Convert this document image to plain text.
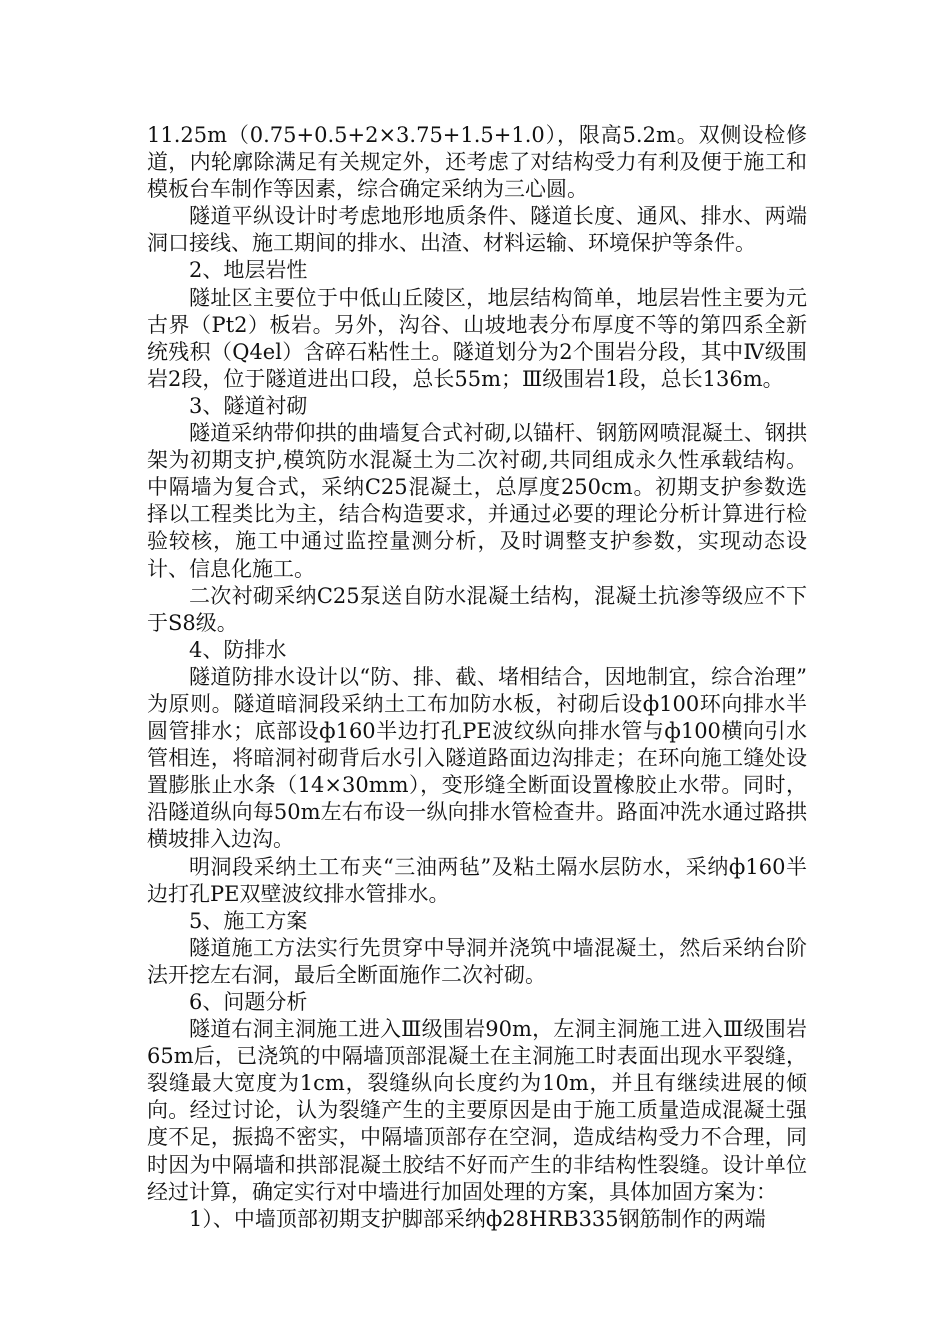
11.25m（0.75+0.5+2×3.75+1.5+1.0），限高5.2m。双侧设检修道，内轮廓除满足有关规定外，还考虑了对结构受力有利及便于施工和模板台车制作等因素，综合确定采纳为三心圆。

隧道平纵设计时考虑地形地质条件、隧道长度、通风、排水、两端洞口接线、施工期间的排水、出渣、材料运输、环境保护等条件。

2、地层岩性

隧址区主要位于中低山丘陵区，地层结构简单，地层岩性主要为元古界（Pt2）板岩。另外，沟谷、山坡地表分布厚度不等的第四系全新统残积（Q4el）含碎石粘性土。隧道划分为2个围岩分段，其中Ⅳ级围岩2段，位于隧道进出口段，总长55m；Ⅲ级围岩1段，总长136m。

3、隧道衬砌

隧道采纳带仰拱的曲墙复合式衬砌,以锚杆、钢筋网喷混凝土、钢拱架为初期支护,模筑防水混凝土为二次衬砌,共同组成永久性承载结构。中隔墙为复合式，采纳C25混凝土，总厚度250cm。初期支护参数选择以工程类比为主，结合构造要求，并通过必要的理论分析计算进行检验较核，施工中通过监控量测分析，及时调整支护参数，实现动态设计、信息化施工。

二次衬砌采纳C25泵送自防水混凝土结构，混凝土抗渗等级应不下于S8级。

4、防排水

隧道防排水设计以“防、排、截、堵相结合，因地制宜，综合治理” 为原则。隧道暗洞段采纳土工布加防水板，衬砌后设ф100环向排水半圆管排水；底部设ф160半边打孔PE波纹纵向排水管与ф100横向引水管相连，将暗洞衬砌背后水引入隧道路面边沟排走；在环向施工缝处设置膨胀止水条（14×30mm），变形缝全断面设置橡胶止水带。同时，沿隧道纵向每50m左右布设一纵向排水管检查井。路面冲洗水通过路拱横坡排入边沟。

明洞段采纳土工布夹“三油两毡”及粘土隔水层防水，采纳ф160半边打孔PE双壁波纹排水管排水。

5、施工方案

隧道施工方法实行先贯穿中导洞并浇筑中墙混凝土，然后采纳台阶法开挖左右洞，最后全断面施作二次衬砌。

6、问题分析

隧道右洞主洞施工进入Ⅲ级围岩90m，左洞主洞施工进入Ⅲ级围岩65m后，已浇筑的中隔墙顶部混凝土在主洞施工时表面出现水平裂缝，裂缝最大宽度为1cm，裂缝纵向长度约为10m，并且有继续进展的倾向。经过讨论，认为裂缝产生的主要原因是由于施工质量造成混凝土强度不足，振捣不密实，中隔墙顶部存在空洞，造成结构受力不合理，同时因为中隔墙和拱部混凝土胶结不好而产生的非结构性裂缝。设计单位经过计算，确定实行对中墙进行加固处理的方案，具体加固方案为：

1）、中墙顶部初期支护脚部采纳ф28HRB335钢筋制作的两端
